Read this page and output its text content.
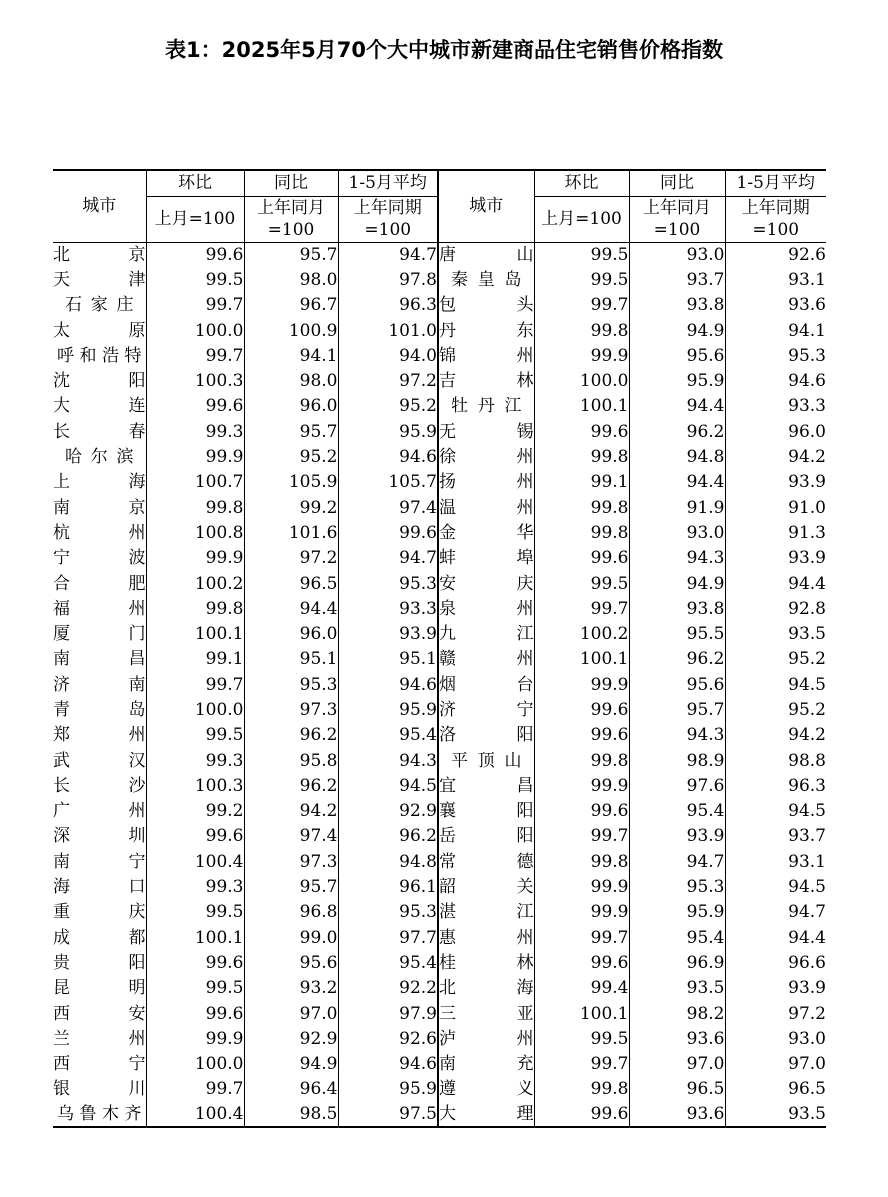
表1：2025年5月70个大中城市新建商品住宅销售价格指数
城市	环比	同比	1-5月平均	城市	环比	同比	1-5月平均
	上月=100	上年同月	上年同期		上月=100	上年同月	上年同期
		=100	=100			=100	=100
北京	99.6	95.7	94.7	唐山	99.5	93.0	92.6
天津	99.5	98.0	97.8	秦皇岛	99.5	93.7	93.1
石家庄	99.7	96.7	96.3	包头	99.7	93.8	93.6
太原	100.0	100.9	101.0	丹东	99.8	94.9	94.1
呼和浩特	99.7	94.1	94.0	锦州	99.9	95.6	95.3
沈阳	100.3	98.0	97.2	吉林	100.0	95.9	94.6
大连	99.6	96.0	95.2	牡丹江	100.1	94.4	93.3
长春	99.3	95.7	95.9	无锡	99.6	96.2	96.0
哈尔滨	99.9	95.2	94.6	徐州	99.8	94.8	94.2
上海	100.7	105.9	105.7	扬州	99.1	94.4	93.9
南京	99.8	99.2	97.4	温州	99.8	91.9	91.0
杭州	100.8	101.6	99.6	金华	99.8	93.0	91.3
宁波	99.9	97.2	94.7	蚌埠	99.6	94.3	93.9
合肥	100.2	96.5	95.3	安庆	99.5	94.9	94.4
福州	99.8	94.4	93.3	泉州	99.7	93.8	92.8
厦门	100.1	96.0	93.9	九江	100.2	95.5	93.5
南昌	99.1	95.1	95.1	赣州	100.1	96.2	95.2
济南	99.7	95.3	94.6	烟台	99.9	95.6	94.5
青岛	100.0	97.3	95.9	济宁	99.6	95.7	95.2
郑州	99.5	96.2	95.4	洛阳	99.6	94.3	94.2
武汉	99.3	95.8	94.3	平顶山	99.8	98.9	98.8
长沙	100.3	96.2	94.5	宜昌	99.9	97.6	96.3
广州	99.2	94.2	92.9	襄阳	99.6	95.4	94.5
深圳	99.6	97.4	96.2	岳阳	99.7	93.9	93.7
南宁	100.4	97.3	94.8	常德	99.8	94.7	93.1
海口	99.3	95.7	96.1	韶关	99.9	95.3	94.5
重庆	99.5	96.8	95.3	湛江	99.9	95.9	94.7
成都	100.1	99.0	97.7	惠州	99.7	95.4	94.4
贵阳	99.6	95.6	95.4	桂林	99.6	96.9	96.6
昆明	99.5	93.2	92.2	北海	99.4	93.5	93.9
西安	99.6	97.0	97.9	三亚	100.1	98.2	97.2
兰州	99.9	92.9	92.6	泸州	99.5	93.6	93.0
西宁	100.0	94.9	94.6	南充	99.7	97.0	97.0
银川	99.7	96.4	95.9	遵义	99.8	96.5	96.5
乌鲁木齐	100.4	98.5	97.5	大理	99.6	93.6	93.5
